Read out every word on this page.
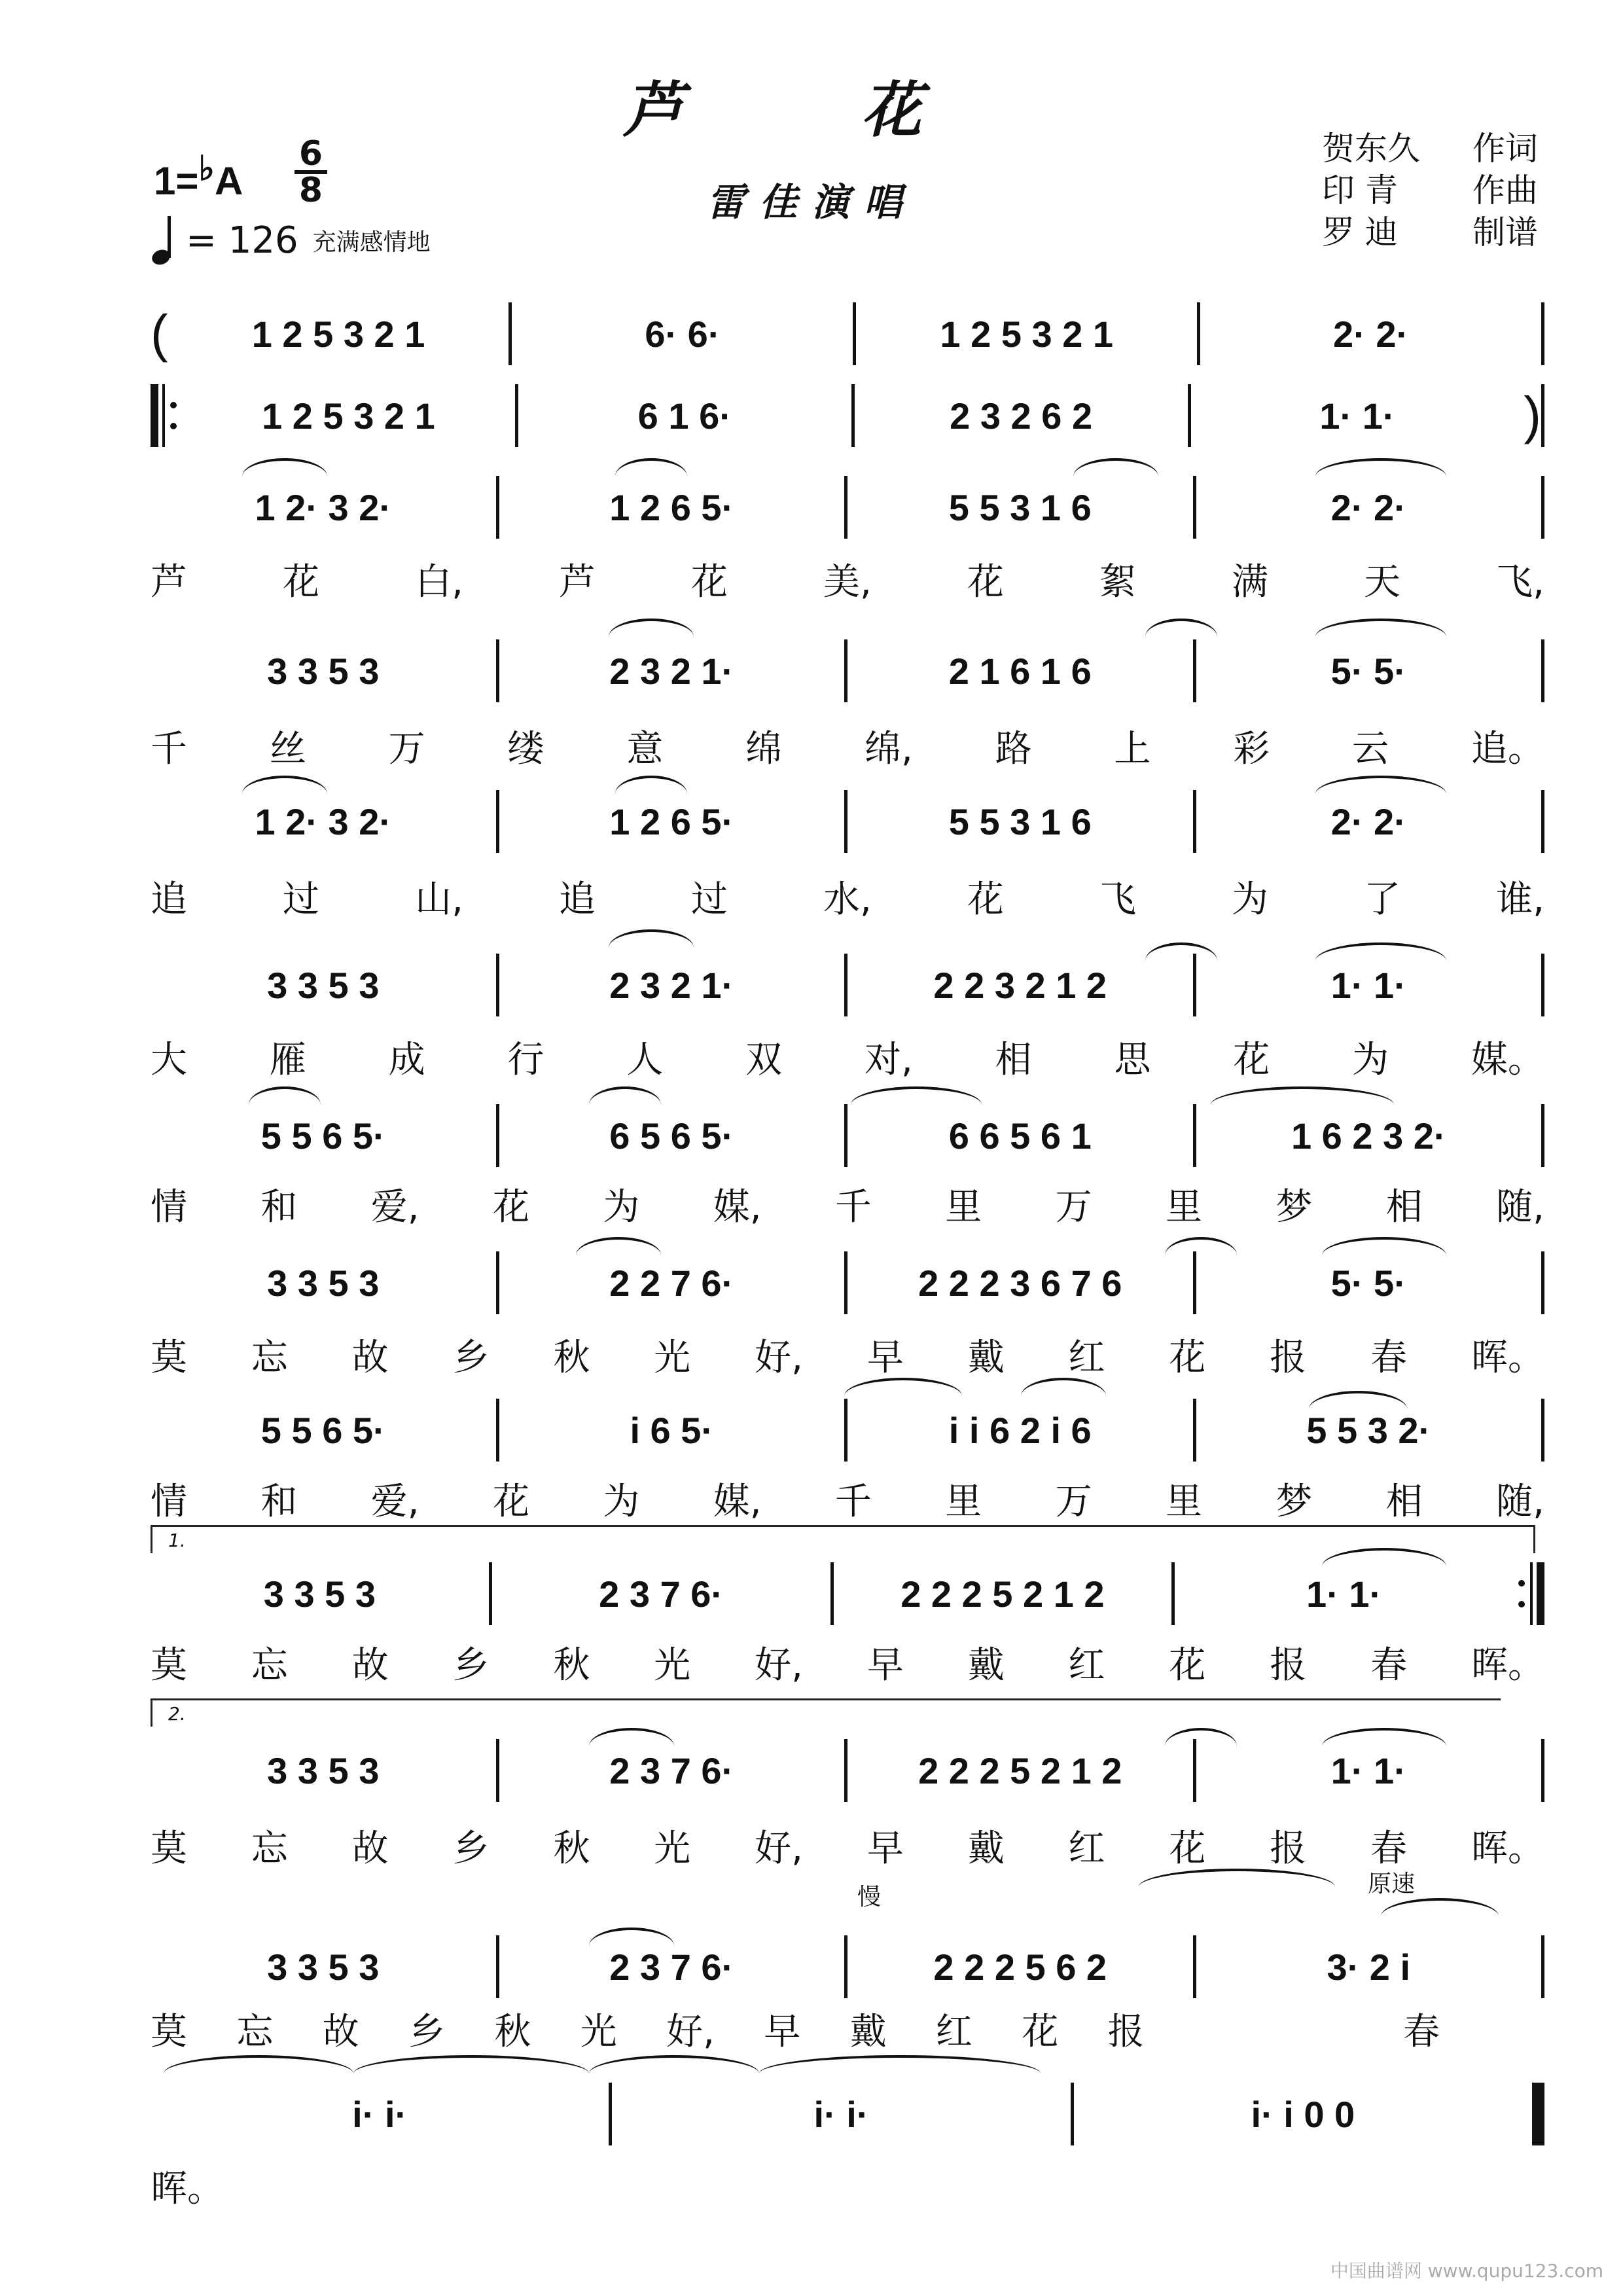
芦 花
雷佳演唱
贺东久 作词
印 青 作曲
罗 迪 制谱
1=♭A
6
8
= 126 充满感情地
(	1 2 5 3 2 1	6· 6·	1 2 5 3 2 1	2· 2·
1 2 5 3 2 1	6 1 6·	2 3 2 6 2	1· 1·	)
1 2· 3 2·	1 2 6 5·	5 5 3 1 6	2· 2·
芦	花	白,	芦	花	美,	花	絮	满	天	飞,
3 3 5 3	2 3 2 1·	2 1 6 1 6	5· 5·
千 丝 万 缕 意 绵 绵, 路 上 彩 云 追。
1 2· 3 2·	1 2 6 5·	5 5 3 1 6	2· 2·
追	过	山,	追	过	水,	花	飞	为	了	谁,
3 3 5 3	2 3 2 1·	2 2 3 2 1 2	1· 1·
大 雁 成 行 人 双 对, 相 思 花 为 媒。
5 5 6 5·	6 5 6 5·	6 6 5 6 1	1 6 2 3 2·
情 和 爱, 花 为 媒, 千 里 万 里 梦 相 随,
3 3 5 3	2 2 7 6·	2 2 2 3 6 7 6	5· 5·
莫 忘 故 乡 秋 光 好, 早 戴 红 花 报 春 晖。
5 5 6 5·	i 6 5·	i i 6 2 i 6	5 5 3 2·
情 和 爱, 花 为 媒, 千 里 万 里 梦 相 随,
1.
3 3 5 3	2 3 7 6·	2 2 2 5 2 1 2	1· 1·
莫 忘 故 乡 秋 光 好, 早 戴 红 花 报 春 晖。
2.
3 3 5 3	2 3 7 6·	2 2 2 5 2 1 2	1· 1·
莫 忘 故 乡 秋 光 好, 早 戴 红 花 报 春 晖。
慢	原速
3 3 5 3	2 3 7 6·	2 2 2 5 6 2	3· 2 i
莫 忘 故 乡 秋 光 好, 早 戴 红 花 报	春
i· i·	i· i·	i· i 0 0
晖。
中国曲谱网 www.qupu123.com
